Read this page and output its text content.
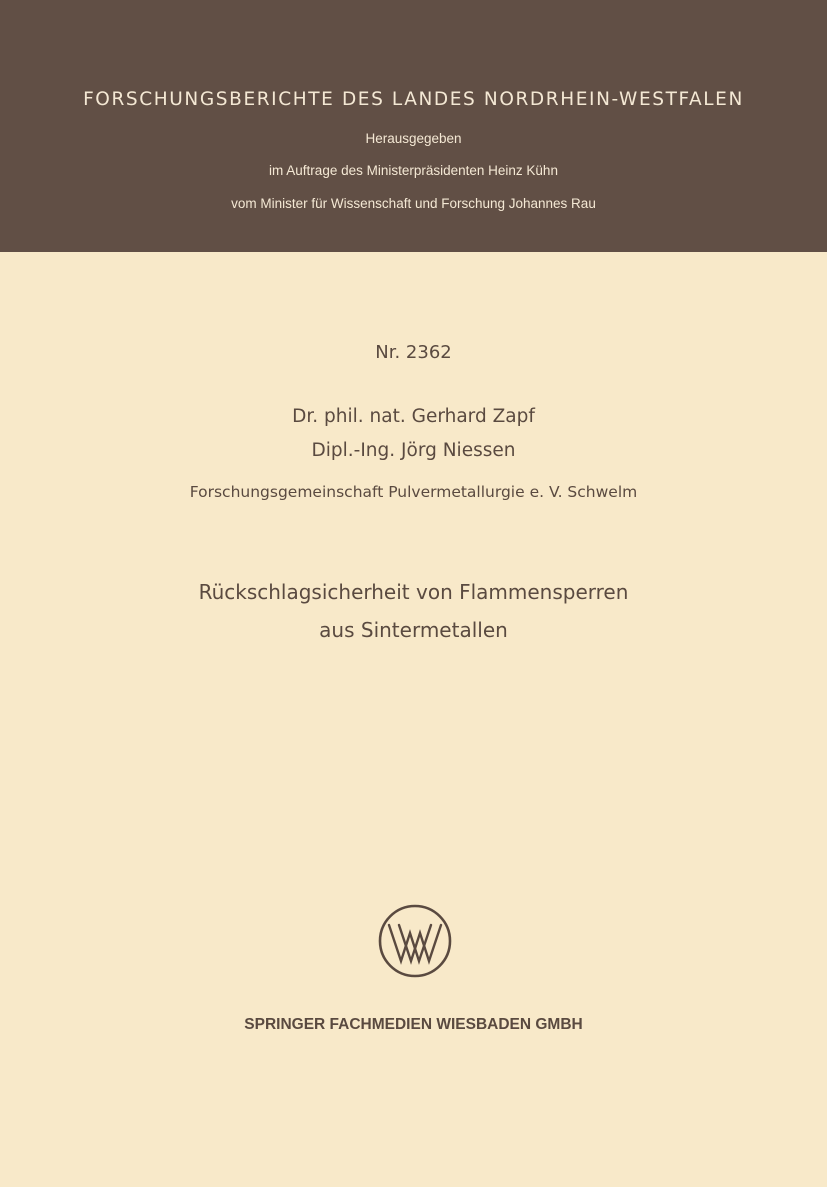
FORSCHUNGSBERICHTE DES LANDES NORDRHEIN-WESTFALEN
Herausgegeben
im Auftrage des Ministerpräsidenten Heinz Kühn
vom Minister für Wissenschaft und Forschung Johannes Rau
Nr. 2362
Dr. phil. nat. Gerhard Zapf
Dipl.-Ing. Jörg Niessen
Forschungsgemeinschaft Pulvermetallurgie e. V. Schwelm
Rückschlagsicherheit von Flammensperren
aus Sintermetallen
SPRINGER FACHMEDIEN WIESBADEN GMBH
